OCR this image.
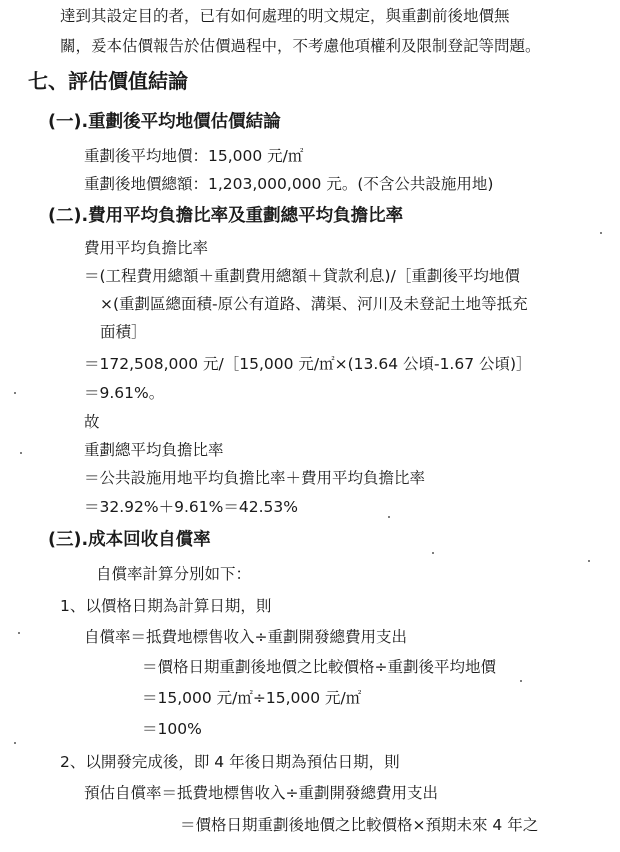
達到其設定目的者，已有如何處理的明文規定，與重劃前後地價無
關，爰本估價報告於估價過程中，不考慮他項權利及限制登記等問題。
七、評估價值結論
(一).重劃後平均地價估價結論
重劃後平均地價：15,000 元/㎡
重劃後地價總額：1,203,000,000 元。(不含公共設施用地)
(二).費用平均負擔比率及重劃總平均負擔比率
費用平均負擔比率
＝(工程費用總額＋重劃費用總額＋貸款利息)/［重劃後平均地價
×(重劃區總面積-原公有道路、溝渠、河川及未登記土地等抵充
面積］
＝172,508,000 元/［15,000 元/㎡×(13.64 公頃-1.67 公頃)］
＝9.61%。
故
重劃總平均負擔比率
＝公共設施用地平均負擔比率＋費用平均負擔比率
＝32.92%＋9.61%＝42.53%
(三).成本回收自償率
自償率計算分別如下：
1、以價格日期為計算日期，則
自償率＝抵費地標售收入÷重劃開發總費用支出
＝價格日期重劃後地價之比較價格÷重劃後平均地價
＝15,000 元/㎡÷15,000 元/㎡
＝100%
2、以開發完成後，即 4 年後日期為預估日期，則
預估自償率＝抵費地標售收入÷重劃開發總費用支出
＝價格日期重劃後地價之比較價格×預期未來 4 年之
